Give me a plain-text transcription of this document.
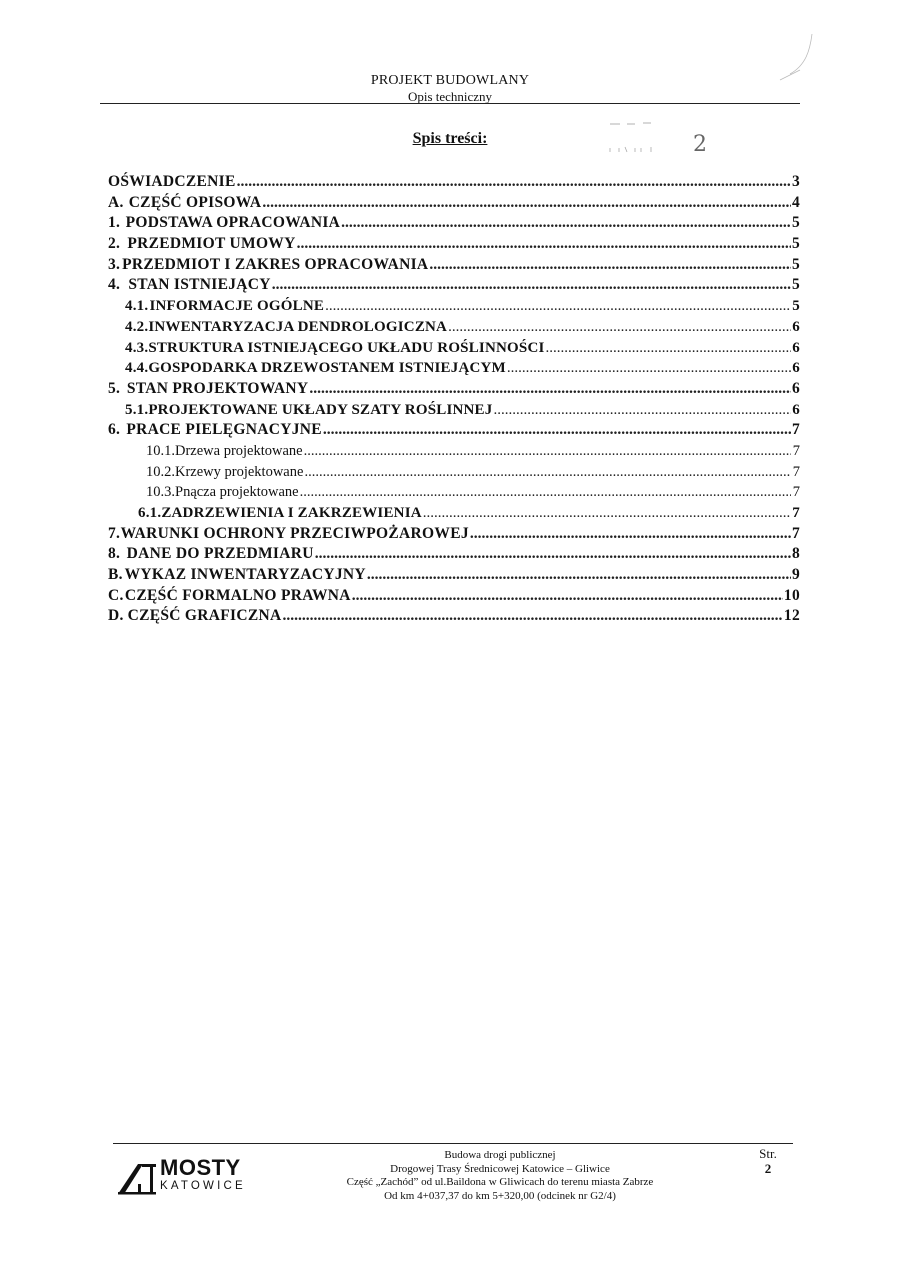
PROJEKT BUDOWLANY
Opis techniczny
Spis treści:	2
OŚWIADCZENIE .....	3
A. CZĘŚĆ OPISOWA .....	4
1. PODSTAWA OPRACOWANIA .....	5
2. PRZEDMIOT UMOWY .....	5
3. PRZEDMIOT I ZAKRES OPRACOWANIA .....	5
4. STAN ISTNIEJĄCY .....	5
4.1. INFORMACJE OGÓLNE .....	5
4.2. INWENTARYZACJA DENDROLOGICZNA .....	6
4.3. STRUKTURA ISTNIEJĄCEGO UKŁADU ROŚLINNOŚCI .....	6
4.4. GOSPODARKA DRZEWOSTANEM ISTNIEJĄCYM .....	6
5. STAN PROJEKTOWANY .....	6
5.1. PROJEKTOWANE UKŁADY SZATY ROŚLINNEJ .....	6
6. PRACE PIELĘGNACYJNE .....	7
10.1. Drzewa projektowane .....	7
10.2. Krzewy projektowane .....	7
10.3. Pnącza projektowane .....	7
6.1. ZADRZEWIENIA I ZAKRZEWIENIA .....	7
7. WARUNKI OCHRONY PRZECIWPOŻAROWEJ .....	7
8. DANE DO PRZEDMIARU .....	8
B. WYKAZ INWENTARYZACYJNY .....	9
C. CZĘŚĆ FORMALNO PRAWNA .....	10
D. CZĘŚĆ GRAFICZNA .....	12
MOSTY
KATOWICE
Budowa drogi publicznej
Drogowej Trasy Średnicowej Katowice – Gliwice
Część „Zachód” od ul.Baildona w Gliwicach do terenu miasta Zabrze
Od km 4+037,37 do km 5+320,00 (odcinek nr G2/4)
Str.
2
